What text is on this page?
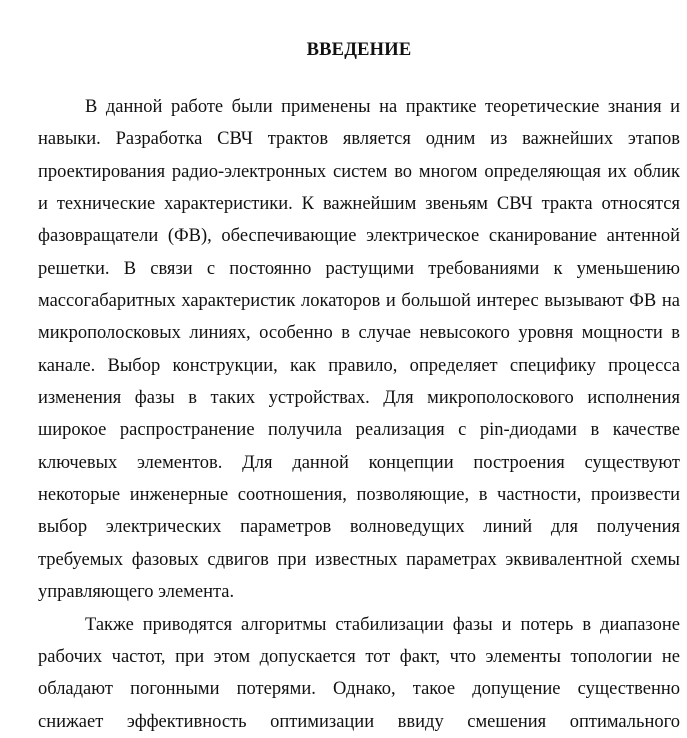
ВВЕДЕНИЕ
В данной работе были применены на практике теоретические знания и
навыки. Разработка СВЧ трактов является одним из важнейших этапов
проектирования радио-электронных систем во многом определяющая их облик
и технические характеристики. К важнейшим звеньям СВЧ тракта относятся
фазовращатели (ФВ), обеспечивающие электрическое сканирование антенной
решетки. В связи с постоянно растущими требованиями к уменьшению
массогабаритных характеристик локаторов и большой интерес вызывают ФВ на
микрополосковых линиях, особенно в случае невысокого уровня мощности в
канале. Выбор конструкции, как правило, определяет специфику процесса
изменения фазы в таких устройствах. Для микрополоскового исполнения
широкое распространение получила реализация с pin-диодами в качестве
ключевых элементов. Для данной концепции построения существуют
некоторые инженерные соотношения, позволяющие, в частности, произвести
выбор электрических параметров волноведущих линий для получения
требуемых фазовых сдвигов при известных параметрах эквивалентной схемы
управляющего элемента.
Также приводятся алгоритмы стабилизации фазы и потерь в диапазоне
рабочих частот, при этом допускается тот факт, что элементы топологии не
обладают погонными потерями. Однако, такое допущение существенно
снижает эффективность оптимизации ввиду смешения оптимального
